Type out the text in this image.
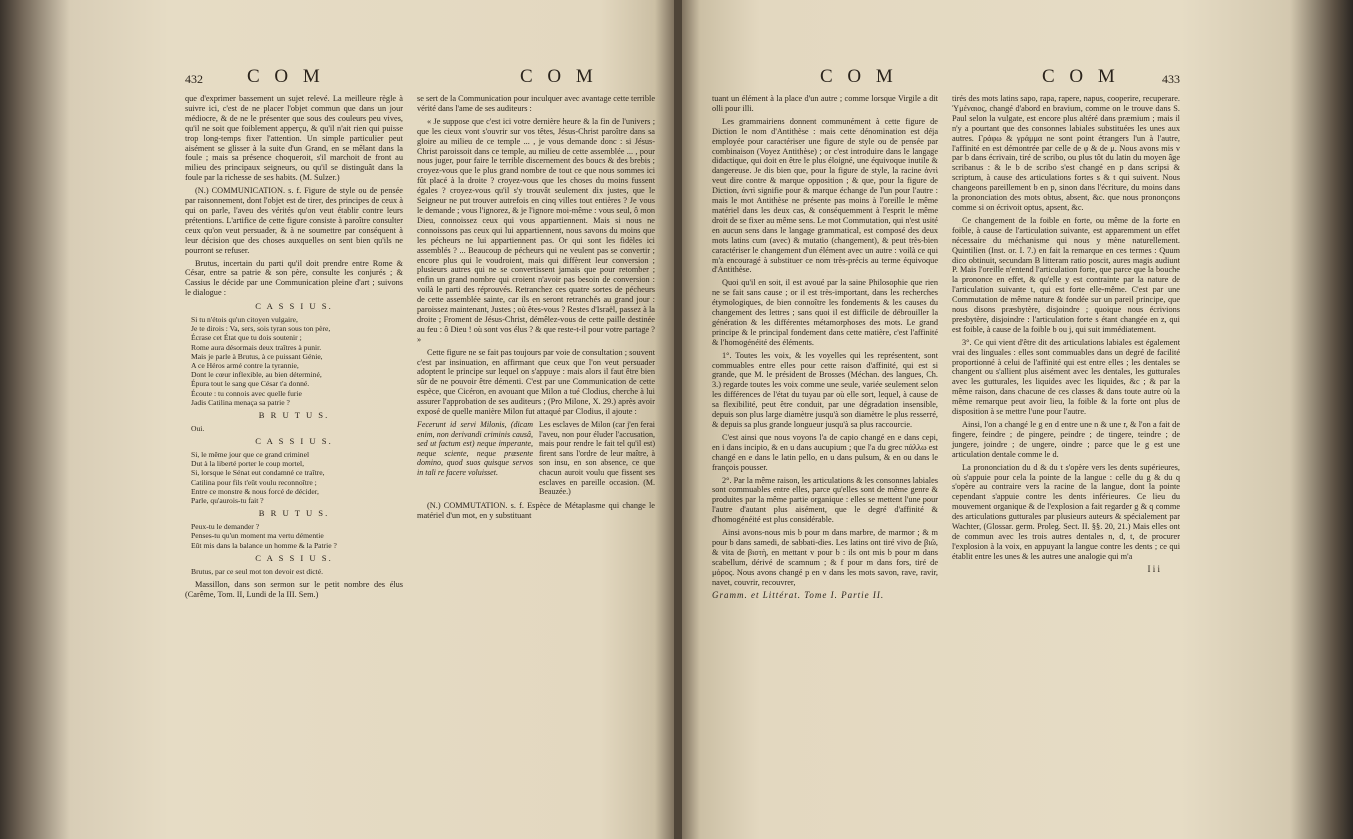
432 C O M	C O M

que d'exprimer bassement un sujet relevé. La meilleure règle à suivre ici, c'est de ne placer l'objet commun que dans un jour médiocre, & de ne le présenter que sous des couleurs peu vives, qu'il ne soit que foiblement apperçu, & qu'il n'ait rien qui puisse trop long-temps fixer l'attention. Un simple particulier peut aisément se glisser à la suite d'un Grand, en se mêlant dans la foule ; mais sa présence choqueroit, s'il marchoit de front au milieu des principaux seigneurs, ou qu'il se distinguât dans la foule par la richesse de ses habits. (M. Sulzer.)

(N.) COMMUNICATION. s. f. Figure de style ou de pensée par raisonnement, dont l'objet est de tirer, des principes de ceux à qui on parle, l'aveu des vérités qu'on veut établir contre leurs prétentions. L'artifice de cette figure consiste à paroître consulter ceux qu'on veut persuader, & à ne soumettre par conséquent à leur décision que des choses auxquelles on sent bien qu'ils ne pourront se refuser.

Brutus, incertain du parti qu'il doit prendre entre Rome & César, entre sa patrie & son père, consulte les conjurés ; & Cassius le décide par une Communication pleine d'art ; suivons le dialogue :

C A S S I U S.
Si tu n'étois qu'un citoyen vulgaire,
Je te dirois : Va, sers, sois tyran sous ton père,
Écrase cet État que tu dois soutenir ;
Rome aura désormais deux traîtres à punir.
Mais je parle à Brutus, à ce puissant Génie,
A ce Héros armé contre la tyrannie,
Dont le cœur inflexible, au bien déterminé,
Épura tout le sang que César t'a donné.
Écoute : tu connois avec quelle furie
Jadis Catilina menaça sa patrie ?
B R U T U S.
Oui.
C A S S I U S.
Si, le même jour que ce grand criminel
Dut à la liberté porter le coup mortel,
Si, lorsque le Sénat eut condamné ce traître,
Catilina pour fils t'eût voulu reconnoître ;
Entre ce monstre & nous forcé de décider,
Parle, qu'aurois-tu fait ?
B R U T U S.
Peux-tu le demander ?
Penses-tu qu'un moment ma vertu démentie
Eût mis dans la balance un homme & la Patrie ?
C A S S I U S.
Brutus, par ce seul mot ton devoir est dicté.

Massillon, dans son sermon sur le petit nombre des élus (Carême, Tom. II, Lundi de la III. Sem.)

se sert de la Communication pour inculquer avec avantage cette terrible vérité dans l'ame de ses auditeurs :

« Je suppose que c'est ici votre dernière heure & la fin de l'univers ; que les cieux vont s'ouvrir sur vos têtes, Jésus-Christ paroître dans sa gloire au milieu de ce temple ... , je vous demande donc : si Jésus-Christ paroissoit dans ce temple, au milieu de cette assemblée ... , pour nous juger, pour faire le terrible discernement des boucs & des brebis ; croyez-vous que le plus grand nombre de tout ce que nous sommes ici fût placé à la droite ? croyez-vous que les choses du moins fussent égales ? croyez-vous qu'il s'y trouvât seulement dix justes, que le Seigneur ne put trouver autrefois en cinq villes tout entières ? Je vous le demande ; vous l'ignorez, & je l'ignore moi-même : vous seul, ô mon Dieu, connoissez ceux qui vous appartiennent. Mais si nous ne connoissons pas ceux qui lui appartiennent, nous savons du moins que les pécheurs ne lui appartiennent pas. Or qui sont les fidèles ici assemblés ? ... Beaucoup de pécheurs qui ne veulent pas se convertir ; encore plus qui le voudroient, mais qui diffèrent leur conversion ; plusieurs autres qui ne se convertissent jamais que pour retomber ; enfin un grand nombre qui croient n'avoir pas besoin de conversion : voilà le parti des réprouvés. Retranchez ces quatre sortes de pécheurs de cette assemblée sainte, car ils en seront retranchés au grand jour : paroissez maintenant, Justes ; où êtes-vous ? Restes d'Israël, passez à la droite ; Froment de Jésus-Christ, démêlez-vous de cette paille destinée au feu : ô Dieu ! où sont vos élus ? & que reste-t-il pour votre partage ? »

Cette figure ne se fait pas toujours par voie de consultation ; souvent c'est par insinuation, en affirmant que ceux que l'on veut persuader adoptent le principe sur lequel on s'appuye : mais alors il faut être bien sûr de ne pouvoir être démenti. C'est par une Communication de cette espèce, que Cicéron, en avouant que Milon a tué Clodius, cherche à lui assurer l'approbation de ses auditeurs ; (Pro Milone, X. 29.) après avoir exposé de quelle manière Milon fut attaqué par Clodius, il ajoute :

Fecerunt id servi Milonis, (dicam enim, non derivandi criminis causâ, sed ut factum est) neque imperante, neque sciente, neque præsente domino, quod suos quisque servos in tali re facere voluisset.
Les esclaves de Milon (car j'en ferai l'aveu, non pour éluder l'accusation, mais pour rendre le fait tel qu'il est) firent sans l'ordre de leur maître, à son insu, en son absence, ce que chacun auroit voulu que fissent ses esclaves en pareille occasion. (M. Beauzée.)

(N.) COMMUTATION. s. f. Espèce de Métaplasme qui change le matériel d'un mot, en y substituant

C O M	C O M	433

tuant un élément à la place d'un autre ; comme lorsque Virgile a dit olli pour illi.

Les grammairiens donnent communément à cette figure de Diction le nom d'Antithèse : mais cette dénomination est déja employée pour caractériser une figure de style ou de pensée par combinaison (Voyez Antithèse) ; or c'est introduire dans le langage didactique, qui doit en être le plus éloigné, une équivoque inutile & dangereuse. Je dis bien que, pour la figure de style, la racine ἀντὶ veut dire contre & marque opposition ; & que, pour la figure de Diction, ἀντὶ signifie pour & marque échange de l'un pour l'autre : mais le mot Antithèse ne présente pas moins à l'oreille le même matériel dans les deux cas, & conséquemment à l'esprit le même droit de se fixer au même sens. Le mot Commutation, qui n'est usité en aucun sens dans le langage grammatical, est composé des deux mots latins cum (avec) & mutatio (changement), & peut très-bien caractériser le changement d'un élément avec un autre : voilà ce qui m'a encouragé à substituer ce nom très-précis au terme équivoque d'Antithèse.

Quoi qu'il en soit, il est avoué par la saine Philosophie que rien ne se fait sans cause ; or il est très-important, dans les recherches étymologiques, de bien connoître les fondements & les causes du changement des lettres ; sans quoi il est difficile de débrouiller la génération & les différentes métamorphoses des mots. Le grand principe & le principal fondement dans cette matière, c'est l'affinité & l'homogénéité des éléments.

1°. Toutes les voix, & les voyelles qui les représentent, sont commuables entre elles pour cette raison d'affinité, qui est si grande, que M. le président de Brosses (Méchan. des langues, Ch. 3.) regarde toutes les voix comme une seule, variée seulement selon les différences de l'état du tuyau par où elle sort, lequel, à cause de sa flexibilité, peut être conduit, par une dégradation insensible, depuis son plus large diamètre jusqu'à son diamètre le plus resserré, & depuis sa plus grande longueur jusqu'à sa plus raccourcie.

C'est ainsi que nous voyons l'a de capio changé en e dans cepi, en i dans incipio, & en u dans aucupium ; que l'a du grec πάλλω est changé en e dans le latin pello, en u dans pulsum, & en ou dans le françois pousser.

2°. Par la même raison, les articulations & les consonnes labiales sont commuables entre elles, parce qu'elles sont de même genre & produites par la même partie organique : elles se mettent l'une pour l'autre d'autant plus aisément, que le degré d'affinité & d'homogénéité est plus considérable.

Ainsi avons-nous mis b pour m dans marbre, de marmor ; & m pour b dans samedi, de sabbati-dies. Les latins ont tiré vivo de βιῶ, & vita de βιοτὴ, en mettant v pour b : ils ont mis b pour m dans scabellum, dérivé de scamnum ; & f pour m dans fors, tiré de μόρος. Nous avons changé p en v dans les mots savon, rave, ravir, navet, couvrir, recouvrer,

Gramm. et Littérat. Tome I. Partie II.

tirés des mots latins sapo, rapa, rapere, napus, cooperire, recuperare. Ὑμέναιος, changé d'abord en bravium, comme on le trouve dans S. Paul selon la vulgate, est encore plus altéré dans præmium ; mais il n'y a pourtant que des consonnes labiales substituées les unes aux autres. Γράφω & γράμμα ne sont point étrangers l'un à l'autre, l'affinité en est démontrée par celle de φ & de μ. Nous avons mis v par b dans écrivain, tiré de scribo, ou plus tôt du latin du moyen âge scribanus : & le b de scribo s'est changé en p dans scripsi & scriptum, à cause des articulations fortes s & t qui suivent. Nous changeons pareillement b en p, sinon dans l'écriture, du moins dans la prononciation des mots obtus, absent, &c. que nous prononçons comme si on écrivoit optus, apsent, &c.

Ce changement de la foible en forte, ou même de la forte en foible, à cause de l'articulation suivante, est apparemment un effet nécessaire du méchanisme qui nous y mène naturellement. Quintilien (Inst. or. I. 7.) en fait la remarque en ces termes : Quum dico obtinuit, secundam B litteram ratio poscit, aures magis audiunt P. Mais l'oreille n'entend l'articulation forte, que parce que la bouche la prononce en effet, & qu'elle y est contrainte par la nature de l'articulation suivante t, qui est forte elle-même. C'est par une Commutation de même nature & fondée sur un pareil principe, que nous disons præsbytère, disjoindre ; quoique nous écrivions presbytère, disjoindre : l'articulation forte s étant changée en z, qui est foible, à cause de la foible b ou j, qui suit immédiatement.

3°. Ce qui vient d'être dit des articulations labiales est également vrai des linguales : elles sont commuables dans un degré de facilité proportionné à celui de l'affinité qui est entre elles ; les dentales se changent ou s'allient plus aisément avec les dentales, les gutturales avec les gutturales, les liquides avec les liquides, &c ; & par la même raison, dans chacune de ces classes & dans toute autre où la même remarque peut avoir lieu, la foible & la forte ont plus de disposition à se mettre l'une pour l'autre.

Ainsi, l'on a changé le g en d entre une n & une r, & l'on a fait de fingere, feindre ; de pingere, peindre ; de tingere, teindre ; de jungere, joindre ; de ungere, oindre ; parce que le g est une articulation dentale comme le d.

La prononciation du d & du t s'opère vers les dents supérieures, où s'appuie pour cela la pointe de la langue : celle du g & du q s'opère au contraire vers la racine de la langue, dont la pointe cependant s'appuie contre les dents inférieures. Ce lieu du mouvement organique & de l'explosion a fait regarder g & q comme des articulations gutturales par plusieurs auteurs & spécialement par Wachter, (Glossar. germ. Proleg. Sect. II. §§. 20, 21.) Mais elles ont de commun avec les trois autres dentales n, d, t, de procurer l'explosion à la voix, en appuyant la langue contre les dents ; ce qui établit entre les unes & les autres une analogie qui m'a

I i i
